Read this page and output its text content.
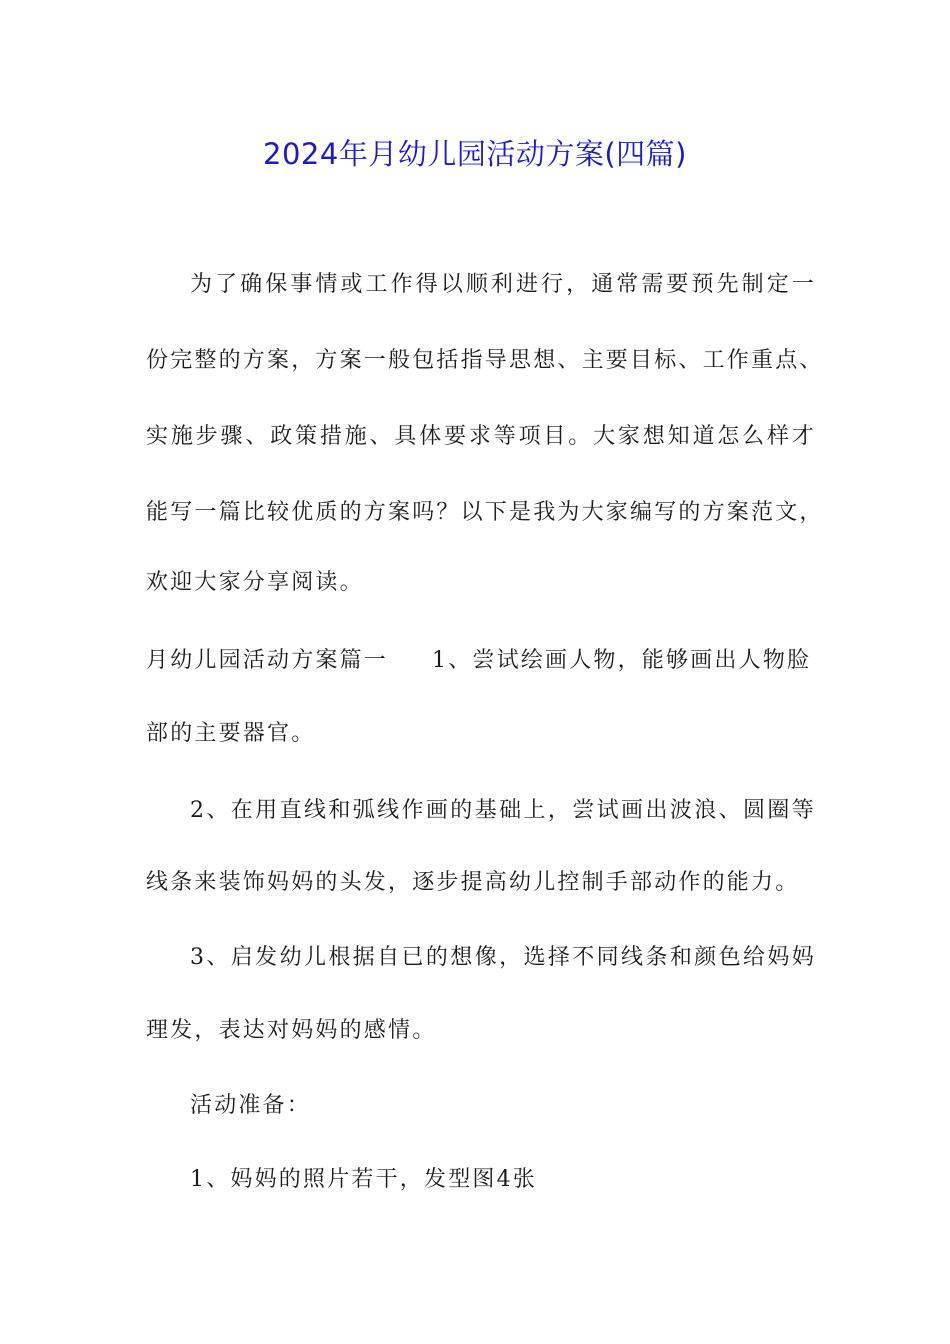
2024年月幼儿园活动方案(四篇)
为了确保事情或工作得以顺利进行，通常需要预先制定一
份完整的方案，方案一般包括指导思想、主要目标、工作重点、
实施步骤、政策措施、具体要求等项目。大家想知道怎么样才
能写一篇比较优质的方案吗？以下是我为大家编写的方案范文，
欢迎大家分享阅读。
月幼儿园活动方案篇一 1、尝试绘画人物，能够画出人物脸
部的主要器官。
2、在用直线和弧线作画的基础上，尝试画出波浪、圆圈等
线条来装饰妈妈的头发，逐步提高幼儿控制手部动作的能力。
3、启发幼儿根据自已的想像，选择不同线条和颜色给妈妈
理发，表达对妈妈的感情。
活动准备：
1、妈妈的照片若干，发型图4张
